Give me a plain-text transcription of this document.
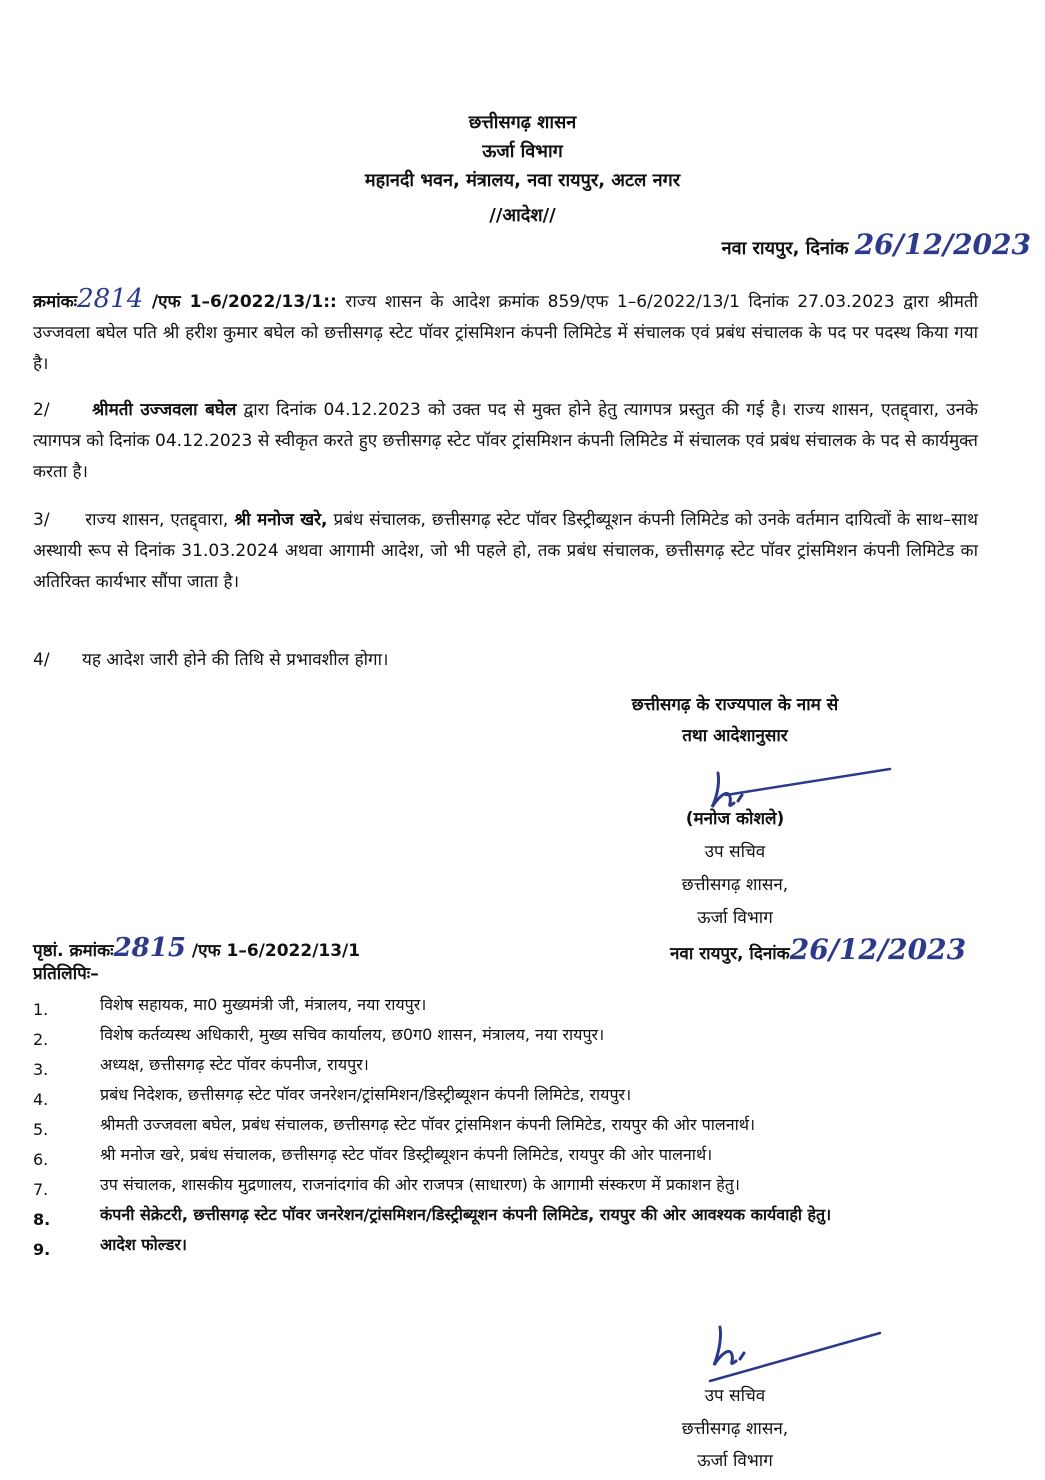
छत्तीसगढ़ शासन
ऊर्जा विभाग
महानदी भवन, मंत्रालय, नवा रायपुर, अटल नगर
//आदेश//
नवा रायपुर, दिनांक 26/12/2023
क्रमांकः2814 /एफ 1–6/2022/13/1:: राज्य शासन के आदेश क्रमांक 859/एफ 1–6/2022/13/1 दिनांक 27.03.2023 द्वारा श्रीमती उज्जवला बघेल पति श्री हरीश कुमार बघेल को छत्तीसगढ़ स्टेट पॉवर ट्रांसमिशन कंपनी लिमिटेड में संचालक एवं प्रबंध संचालक के पद पर पदस्थ किया गया है।
2/	श्रीमती उज्जवला बघेल द्वारा दिनांक 04.12.2023 को उक्त पद से मुक्त होने हेतु त्यागपत्र प्रस्तुत की गई है। राज्य शासन, एतद्द्वारा, उनके त्यागपत्र को दिनांक 04.12.2023 से स्वीकृत करते हुए छत्तीसगढ़ स्टेट पॉवर ट्रांसमिशन कंपनी लिमिटेड में संचालक एवं प्रबंध संचालक के पद से कार्यमुक्त करता है।
3/ राज्य शासन, एतद्द्वारा, श्री मनोज खरे, प्रबंध संचालक, छत्तीसगढ़ स्टेट पॉवर डिस्ट्रीब्यूशन कंपनी लिमिटेड को उनके वर्तमान दायित्वों के साथ–साथ अस्थायी रूप से दिनांक 31.03.2024 अथवा आगामी आदेश, जो भी पहले हो, तक प्रबंध संचालक, छत्तीसगढ़ स्टेट पॉवर ट्रांसमिशन कंपनी लिमिटेड का अतिरिक्त कार्यभार सौंपा जाता है।
4/ यह आदेश जारी होने की तिथि से प्रभावशील होगा।
छत्तीसगढ़ के राज्यपाल के नाम से
तथा आदेशानुसार
(मनोज कोशले)
उप सचिव
छत्तीसगढ़ शासन,
ऊर्जा विभाग
पृष्ठां. क्रमांकः2815 /एफ 1–6/2022/13/1	नवा रायपुर, दिनांक26/12/2023
प्रतिलिपिः–
1.	विशेष सहायक, मा0 मुख्यमंत्री जी, मंत्रालय, नया रायपुर।
2.	विशेष कर्तव्यस्थ अधिकारी, मुख्य सचिव कार्यालय, छ0ग0 शासन, मंत्रालय, नया रायपुर।
3.	अध्यक्ष, छत्तीसगढ़ स्टेट पॉवर कंपनीज, रायपुर।
4.	प्रबंध निदेशक, छत्तीसगढ़ स्टेट पॉवर जनरेशन/ट्रांसमिशन/डिस्ट्रीब्यूशन कंपनी लिमिटेड, रायपुर।
5.	श्रीमती उज्जवला बघेल, प्रबंध संचालक, छत्तीसगढ़ स्टेट पॉवर ट्रांसमिशन कंपनी लिमिटेड, रायपुर की ओर पालनार्थ।
6.	श्री मनोज खरे, प्रबंध संचालक, छत्तीसगढ़ स्टेट पॉवर डिस्ट्रीब्यूशन कंपनी लिमिटेड, रायपुर की ओर पालनार्थ।
7.	उप संचालक, शासकीय मुद्रणालय, राजनांदगांव की ओर राजपत्र (साधारण) के आगामी संस्करण में प्रकाशन हेतु।
8.	कंपनी सेक्रेटरी, छत्तीसगढ़ स्टेट पॉवर जनरेशन/ट्रांसमिशन/डिस्ट्रीब्यूशन कंपनी लिमिटेड, रायपुर की ओर आवश्यक कार्यवाही हेतु।
9.	आदेश फोल्डर।
उप सचिव
छत्तीसगढ़ शासन,
ऊर्जा विभाग
